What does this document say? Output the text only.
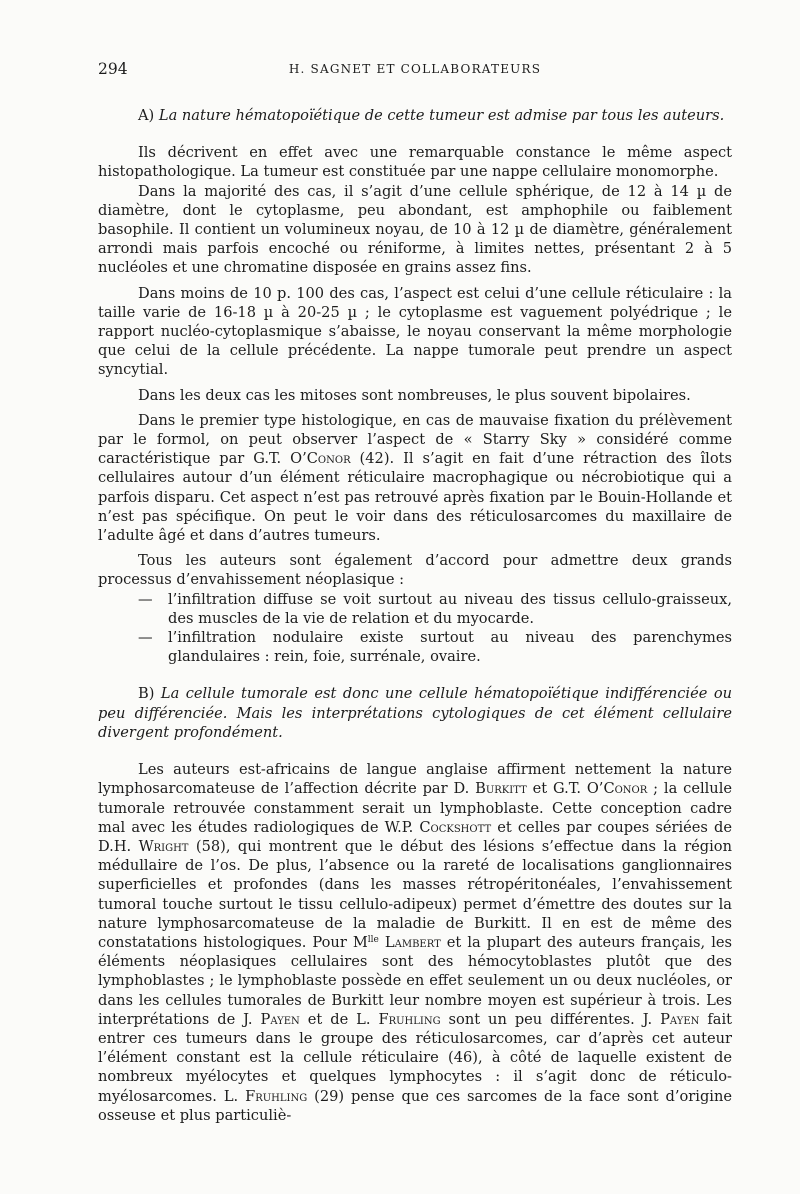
294	H. SAGNET ET COLLABORATEURS

A) La nature hématopoïétique de cette tumeur est admise par tous les auteurs.

Ils décrivent en effet avec une remarquable constance le même aspect histopathologique. La tumeur est constituée par une nappe cellulaire monomorphe.

Dans la majorité des cas, il s’agit d’une cellule sphérique, de 12 à 14 µ de diamètre, dont le cytoplasme, peu abondant, est amphophile ou faiblement basophile. Il contient un volumineux noyau, de 10 à 12 µ de diamètre, généralement arrondi mais parfois encoché ou réniforme, à limites nettes, présentant 2 à 5 nucléoles et une chromatine disposée en grains assez fins.

Dans moins de 10 p. 100 des cas, l’aspect est celui d’une cellule réticulaire : la taille varie de 16-18 µ à 20-25 µ ; le cytoplasme est vaguement polyédrique ; le rapport nucléo-cytoplasmique s’abaisse, le noyau conservant la même morphologie que celui de la cellule précédente. La nappe tumorale peut prendre un aspect syncytial.

Dans les deux cas les mitoses sont nombreuses, le plus souvent bipolaires.

Dans le premier type histologique, en cas de mauvaise fixation du prélèvement par le formol, on peut observer l’aspect de « Starry Sky » considéré comme caractéristique par G.T. O’Conor (42). Il s’agit en fait d’une rétraction des îlots cellulaires autour d’un élément réticulaire macrophagique ou nécrobiotique qui a parfois disparu. Cet aspect n’est pas retrouvé après fixation par le Bouin-Hollande et n’est pas spécifique. On peut le voir dans des réticulosarcomes du maxillaire de l’adulte âgé et dans d’autres tumeurs.

Tous les auteurs sont également d’accord pour admettre deux grands processus d’envahissement néoplasique :

— l’infiltration diffuse se voit surtout au niveau des tissus cellulo-graisseux, des muscles de la vie de relation et du myocarde.
— l’infiltration nodulaire existe surtout au niveau des parenchymes glandulaires : rein, foie, surrénale, ovaire.

B) La cellule tumorale est donc une cellule hématopoïétique indifférenciée ou peu différenciée. Mais les interprétations cytologiques de cet élément cellulaire divergent profondément.

Les auteurs est-africains de langue anglaise affirment nettement la nature lymphosarcomateuse de l’affection décrite par D. Burkitt et G.T. O’Conor ; la cellule tumorale retrouvée constamment serait un lymphoblaste. Cette conception cadre mal avec les études radiologiques de W.P. Cockshott et celles par coupes sériées de D.H. Wright (58), qui montrent que le début des lésions s’effectue dans la région médullaire de l’os. De plus, l’absence ou la rareté de localisations ganglionnaires superficielles et profondes (dans les masses rétropéritonéales, l’envahissement tumoral touche surtout le tissu cellulo-adipeux) permet d’émettre des doutes sur la nature lymphosarcomateuse de la maladie de Burkitt. Il en est de même des constatations histologiques. Pour $M^{lle}$ Lambert et la plupart des auteurs français, les éléments néoplasiques cellulaires sont des hémocytoblastes plutôt que des lymphoblastes ; le lymphoblaste possède en effet seulement un ou deux nucléoles, or dans les cellules tumorales de Burkitt leur nombre moyen est supérieur à trois. Les interprétations de J. Payen et de L. Fruhling sont un peu différentes. J. Payen fait entrer ces tumeurs dans le groupe des réticulosarcomes, car d’après cet auteur l’élément constant est la cellule réticulaire (46), à côté de laquelle existent de nombreux myélocytes et quelques lymphocytes : il s’agit donc de réticulo-myélosarcomes. L. Fruhling (29) pense que ces sarcomes de la face sont d’origine osseuse et plus particuliè-
